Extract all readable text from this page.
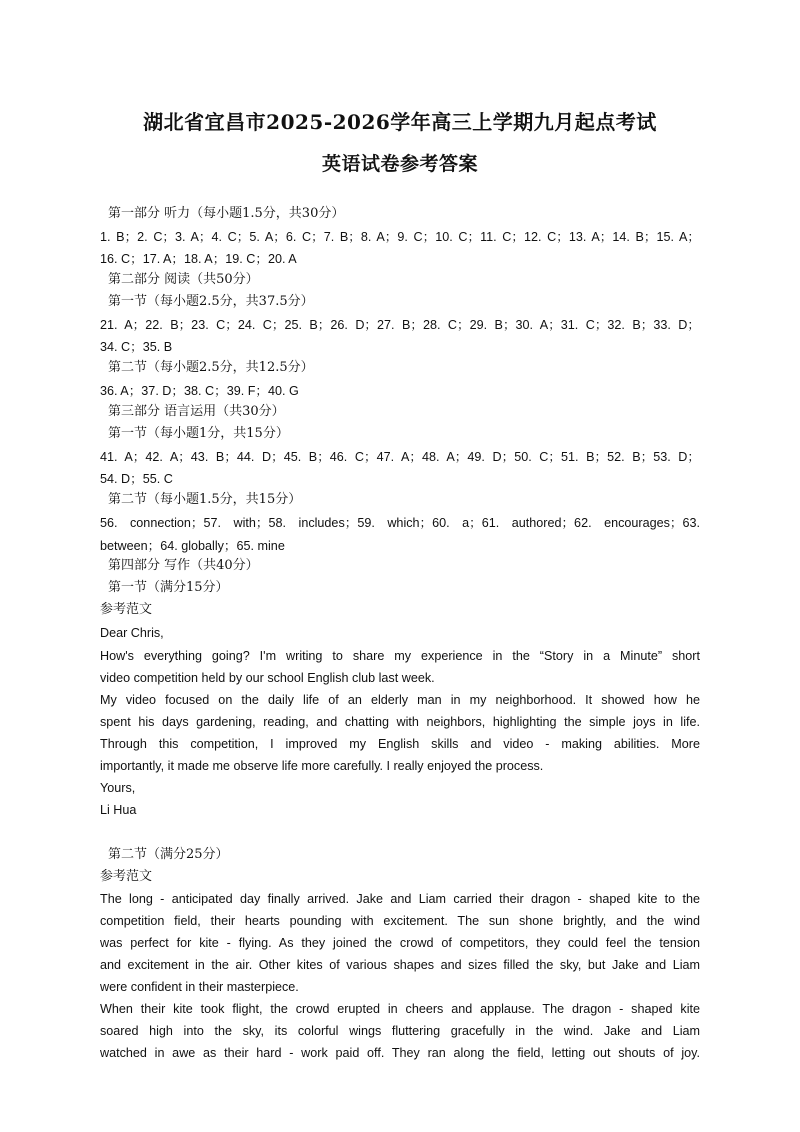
湖北省宜昌市2025-2026学年高三上学期九月起点考试
英语试卷参考答案
第一部分 听力（每小题1.5分，共30分）
1. B；2. C；3. A；4. C；5. A；6. C；7. B；8. A；9. C；10. C；11. C；12. C；13. A；14. B；15. A；
16. C；17. A；18. A；19. C；20. A
第二部分 阅读（共50分）
第一节（每小题2.5分，共37.5分）
21. A；22. B；23. C；24. C；25. B；26. D；27. B；28. C；29. B；30. A；31. C；32. B；33. D；
34. C；35. B
第二节（每小题2.5分，共12.5分）
36. A；37. D；38. C；39. F；40. G
第三部分 语言运用（共30分）
第一节（每小题1分，共15分）
41. A；42. A；43. B；44. D；45. B；46. C；47. A；48. A；49. D；50. C；51. B；52. B；53. D；
54. D；55. C
第二节（每小题1.5分，共15分）
56. connection；57. with；58. includes；59. which；60. a；61. authored；62. encourages；63.
between；64. globally；65. mine
第四部分 写作（共40分）
第一节（满分15分）
参考范文
Dear Chris,
How's everything going? I'm writing to share my experience in the “Story in a Minute” short
video competition held by our school English club last week.
My video focused on the daily life of an elderly man in my neighborhood. It showed how he
spent his days gardening, reading, and chatting with neighbors, highlighting the simple joys in life.
Through this competition, I improved my English skills and video - making abilities. More
importantly, it made me observe life more carefully. I really enjoyed the process.
Yours,
Li Hua
第二节（满分25分）
参考范文
The long - anticipated day finally arrived. Jake and Liam carried their dragon - shaped kite to the
competition field, their hearts pounding with excitement. The sun shone brightly, and the wind
was perfect for kite - flying. As they joined the crowd of competitors, they could feel the tension
and excitement in the air. Other kites of various shapes and sizes filled the sky, but Jake and Liam
were confident in their masterpiece.
When their kite took flight, the crowd erupted in cheers and applause. The dragon - shaped kite
soared high into the sky, its colorful wings fluttering gracefully in the wind. Jake and Liam
watched in awe as their hard - work paid off. They ran along the field, letting out shouts of joy.
